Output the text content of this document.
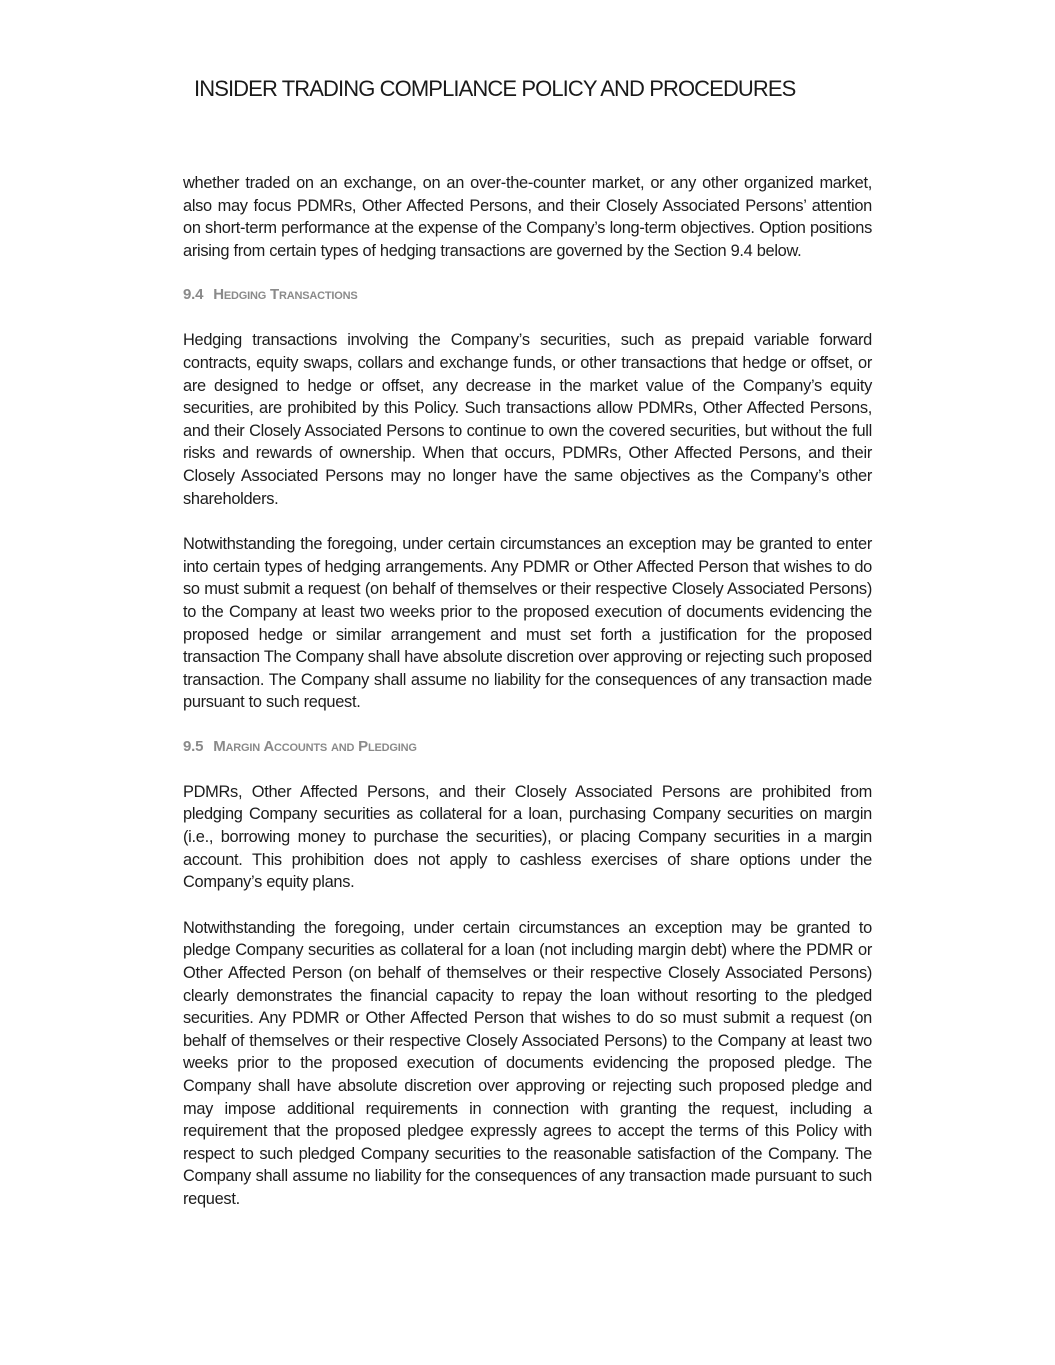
INSIDER TRADING COMPLIANCE POLICY AND PROCEDURES

whether traded on an exchange, on an over-the-counter market, or any other organized market, also may focus PDMRs, Other Affected Persons, and their Closely Associated Persons’ attention on short-term performance at the expense of the Company’s long-term objectives. Option positions arising from certain types of hedging transactions are governed by the Section 9.4 below.

9.4 Hedging Transactions

Hedging transactions involving the Company’s securities, such as prepaid variable forward contracts, equity swaps, collars and exchange funds, or other transactions that hedge or offset, or are designed to hedge or offset, any decrease in the market value of the Company’s equity securities, are prohibited by this Policy. Such transactions allow PDMRs, Other Affected Persons, and their Closely Associated Persons to continue to own the covered securities, but without the full risks and rewards of ownership. When that occurs, PDMRs, Other Affected Persons, and their Closely Associated Persons may no longer have the same objectives as the Company’s other shareholders.

Notwithstanding the foregoing, under certain circumstances an exception may be granted to enter into certain types of hedging arrangements. Any PDMR or Other Affected Person that wishes to do so must submit a request (on behalf of themselves or their respective Closely Associated Persons) to the Company at least two weeks prior to the proposed execution of documents evidencing the proposed hedge or similar arrangement and must set forth a justification for the proposed transaction The Company shall have absolute discretion over approving or rejecting such proposed transaction. The Company shall assume no liability for the consequences of any transaction made pursuant to such request.

9.5 Margin Accounts and Pledging

PDMRs, Other Affected Persons, and their Closely Associated Persons are prohibited from pledging Company securities as collateral for a loan, purchasing Company securities on margin (i.e., borrowing money to purchase the securities), or placing Company securities in a margin account. This prohibition does not apply to cashless exercises of share options under the Company’s equity plans.

Notwithstanding the foregoing, under certain circumstances an exception may be granted to pledge Company securities as collateral for a loan (not including margin debt) where the PDMR or Other Affected Person (on behalf of themselves or their respective Closely Associated Persons) clearly demonstrates the financial capacity to repay the loan without resorting to the pledged securities. Any PDMR or Other Affected Person that wishes to do so must submit a request (on behalf of themselves or their respective Closely Associated Persons) to the Company at least two weeks prior to the proposed execution of documents evidencing the proposed pledge. The Company shall have absolute discretion over approving or rejecting such proposed pledge and may impose additional requirements in connection with granting the request, including a requirement that the proposed pledgee expressly agrees to accept the terms of this Policy with respect to such pledged Company securities to the reasonable satisfaction of the Company. The Company shall assume no liability for the consequences of any transaction made pursuant to such request.
